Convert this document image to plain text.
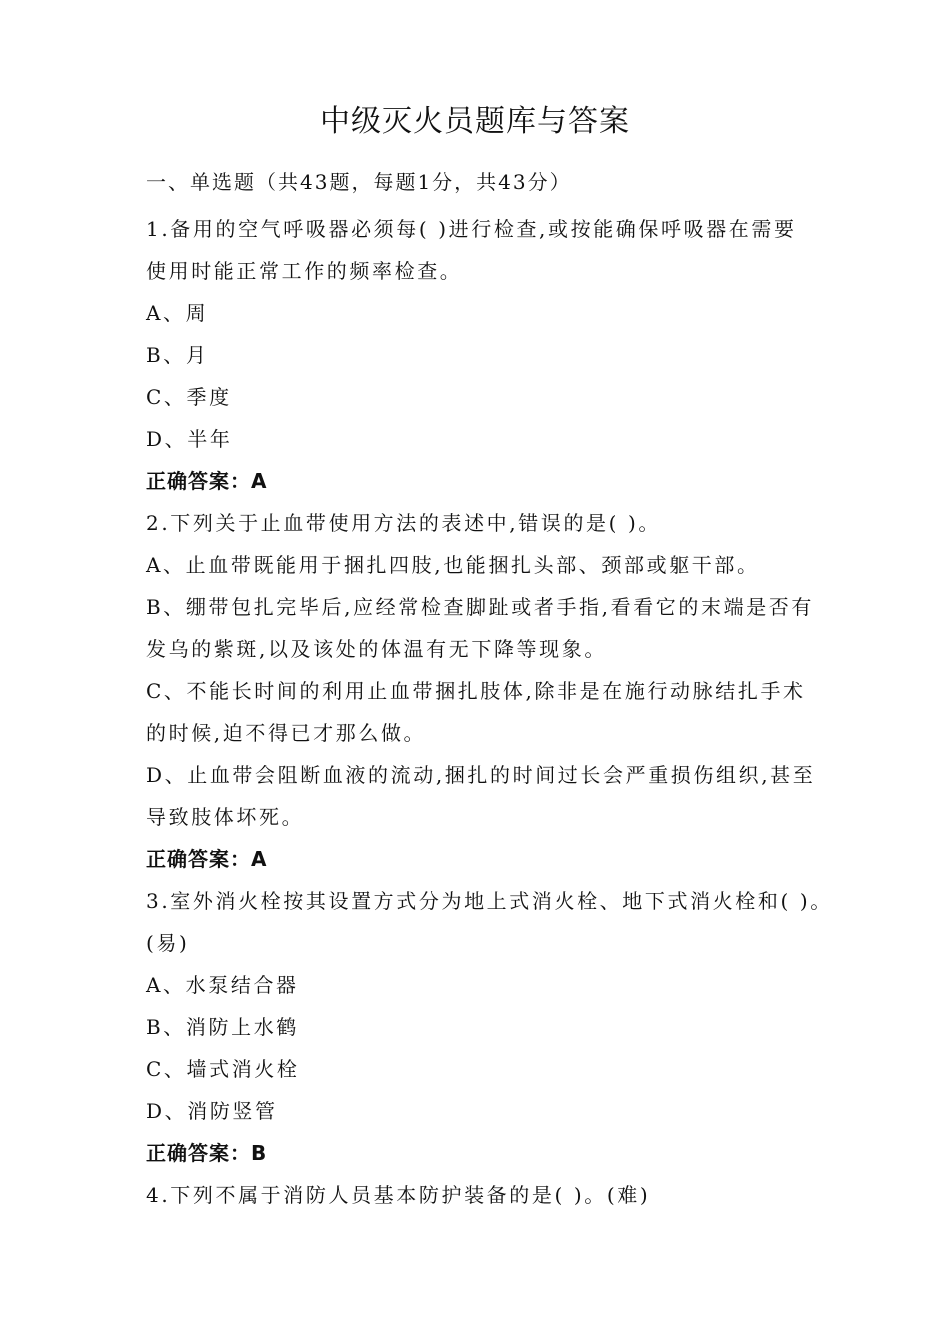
中级灭火员题库与答案
一、单选题（共43题，每题1分，共43分）
1.备用的空气呼吸器必须每( )进行检查,或按能确保呼吸器在需要
使用时能正常工作的频率检查。
A、周
B、月
C、季度
D、半年
正确答案：A
2.下列关于止血带使用方法的表述中,错误的是( )。
A、止血带既能用于捆扎四肢,也能捆扎头部、颈部或躯干部。
B、绷带包扎完毕后,应经常检查脚趾或者手指,看看它的末端是否有
发乌的紫斑,以及该处的体温有无下降等现象。
C、不能长时间的利用止血带捆扎肢体,除非是在施行动脉结扎手术
的时候,迫不得已才那么做。
D、止血带会阻断血液的流动,捆扎的时间过长会严重损伤组织,甚至
导致肢体坏死。
正确答案：A
3.室外消火栓按其设置方式分为地上式消火栓、地下式消火栓和( )。
(易)
A、水泵结合器
B、消防上水鹤
C、墙式消火栓
D、消防竖管
正确答案：B
4.下列不属于消防人员基本防护装备的是( )。(难)
